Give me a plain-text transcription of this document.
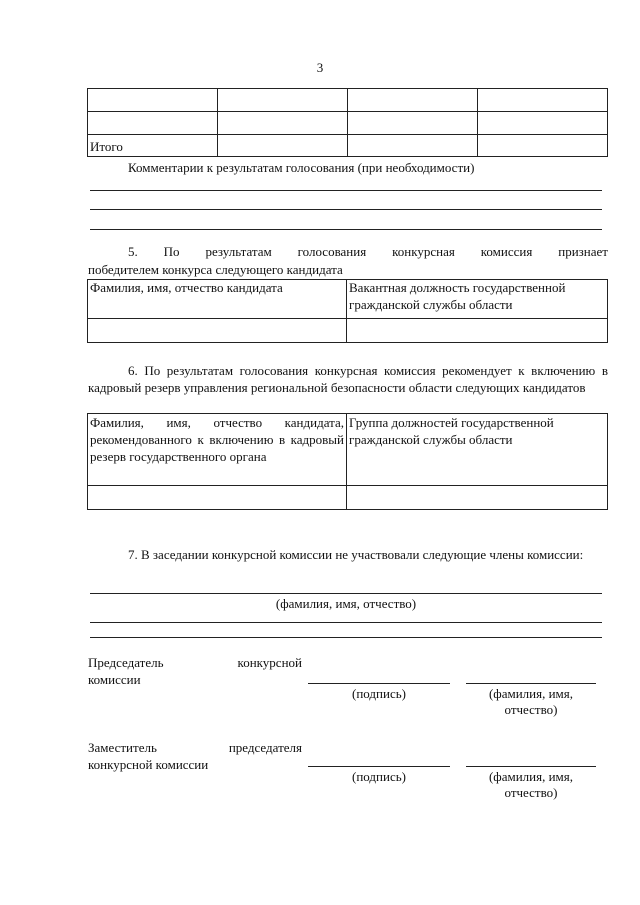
3

Итого			
Комментарии к результатам голосования (при необходимости)
5.   По   результатам   голосования   конкурсная   комиссия   признает
победителем конкурса следующего кандидата
Фамилия, имя, отчество кандидата	Вакантная должность государственной гражданской службы области

6. По результатам голосования конкурсная комиссия рекомендует к включению в кадровый резерв управления региональной безопасности области следующих кандидатов
Фамилия, имя, отчество кандидата, рекомендованного к включению в кадровый резерв государственного органа	Группа должностей государственной гражданской службы области

7. В заседании конкурсной комиссии не участвовали следующие члены комиссии:
(фамилия, имя, отчество)
Председатель            конкурсной
комиссии
(подпись)	(фамилия, имя,
отчество)
Заместитель        председателя
конкурсной комиссии
(подпись)	(фамилия, имя,
отчество)
